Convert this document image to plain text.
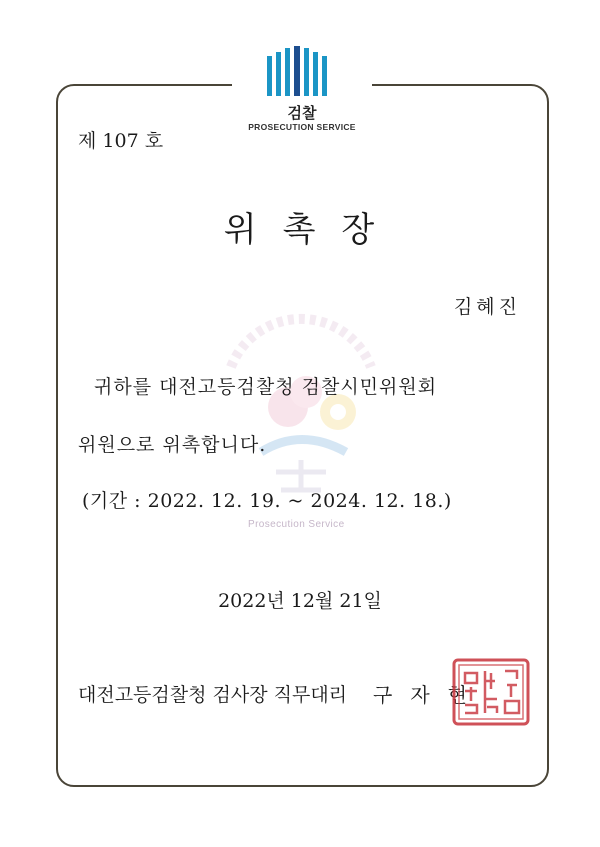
검찰
PROSECUTION SERVICE
Prosecution Service
제 107 호
위촉장
김혜진
귀하를 대전고등검찰청 검찰시민위원회
위원으로 위촉합니다.
(기간 : 2022. 12. 19. ~ 2024. 12. 18.)
2022년 12월 21일
대전고등검찰청 검사장 직무대리 구자현
